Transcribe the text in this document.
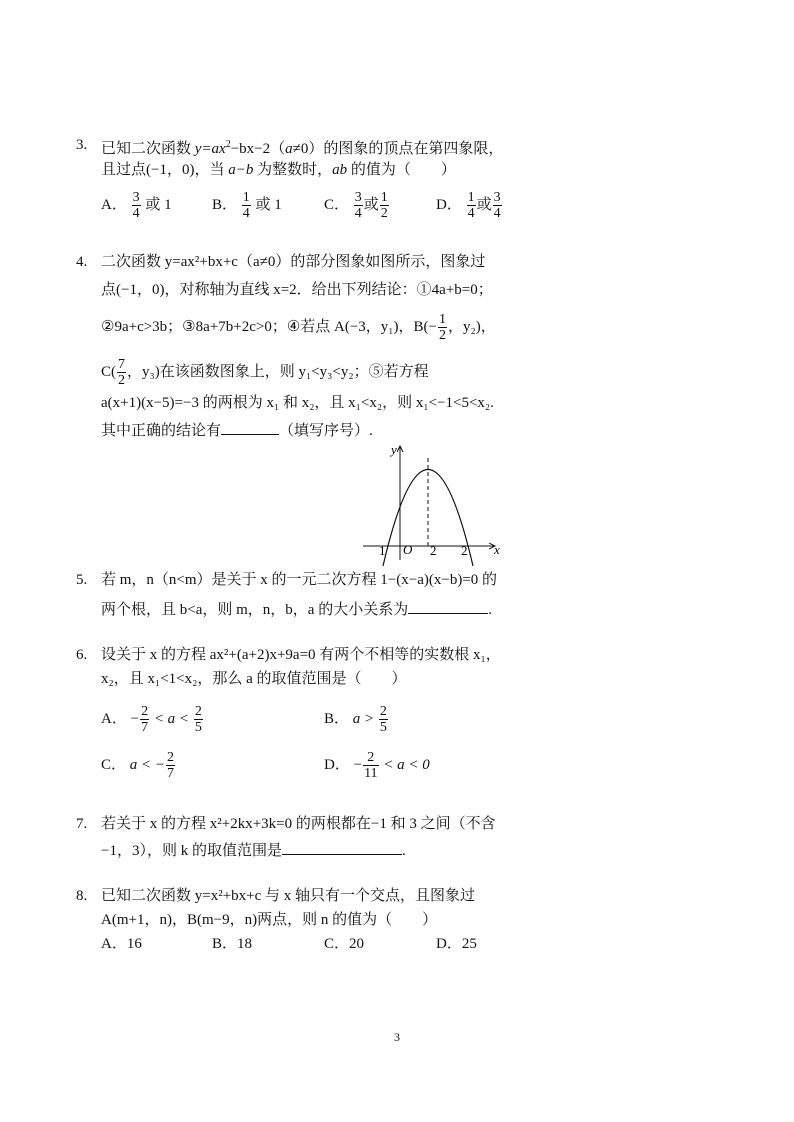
3. 已知二次函数 $y=ax^2-bx-2(a\ne 0)$的图象的顶点在第四象限，
且过点(−1，0)，当 a−b 为整数时，ab 的值为（　　）
A． $\frac{3}{4}$ 或 1	B． $\frac{1}{4}$ 或 1	C． $\frac{3}{4}$ 或 $\frac{1}{2}$	D． $\frac{1}{4}$ 或 $\frac{3}{4}$
4. 二次函数 y=ax²+bx+c（a≠0）的部分图象如图所示，图象过
点(−1，0)，对称轴为直线 x=2．给出下列结论：①4a+b=0；
②9a+c>3b；③8a+7b+2c>0；④若点 A(−3，y₁)，$B(- \frac{1}{2}$ ，y₂)，
$C( \frac{7}{2}$ ，y₃)在该函数图象上，则 y₁<y₃<y₂；⑤若方程
a(x+1)(x−5)=−3 的两根为 x₁ 和 x₂，且 x₁<x₂，则 x₁<−1<5<x₂.
其中正确的结论有	（填写序号）.
y
x
O
1	2 2
5. 若 m，n（n<m）是关于 x 的一元二次方程 1−(x−a)(x−b)=0 的
两个根，且 b<a，则 m，n，b，a 的大小关系为	.
6. 设关于 x 的方程 ax²+(a+2)x+9a=0 有两个不相等的实数根 x₁，
x₂，且 x₁<1<x₂，那么 a 的取值范围是（　　）
A． − $\frac{2}{7} < a < \frac{2}{5}$	B． $a > \frac{2}{5}$
C． a < − $\frac{2}{7}$	D． − $\frac{2}{11} < a < 0$
7. 若关于 x 的方程 x²+2kx+3k=0 的两根都在−1 和 3 之间（不含
−1，3），则 k 的取值范围是	.
8. 已知二次函数 y=x²+bx+c 与 x 轴只有一个交点，且图象过
A(m+1，n)，B(m−9，n)两点，则 n 的值为（　　）
A．16	B．18	C．20	D．25
3
